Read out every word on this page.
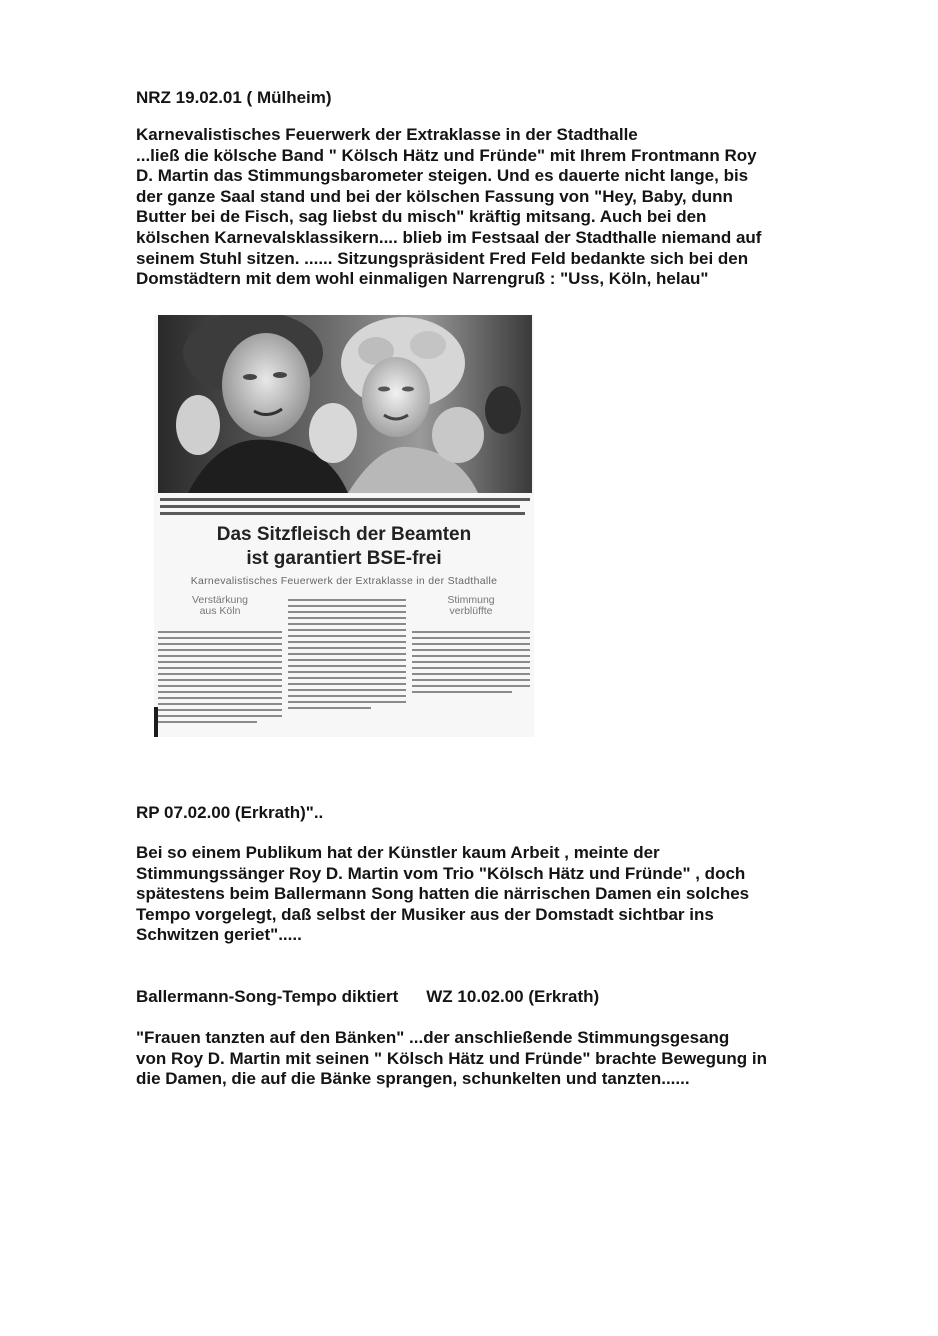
NRZ 19.02.01 ( Mülheim)
Karnevalistisches Feuerwerk der Extraklasse in der Stadthalle
...ließ die kölsche Band " Kölsch Hätz und Fründe" mit Ihrem Frontmann Roy
D. Martin das Stimmungsbarometer steigen. Und es dauerte nicht lange, bis
der ganze Saal stand und bei der kölschen Fassung von "Hey, Baby, dunn
Butter bei de Fisch, sag liebst du misch" kräftig mitsang. Auch bei den
kölschen Karnevalsklassikern.... blieb im Festsaal der Stadthalle niemand auf
seinem Stuhl sitzen. ...... Sitzungspräsident Fred Feld bedankte sich bei den
Domstädtern mit dem wohl einmaligen Narrengruß : "Uss, Köln, helau"
Das Sitzfleisch der Beamten
ist garantiert BSE-frei
Karnevalistisches Feuerwerk der Extraklasse in der Stadthalle
Verstärkung
aus Köln
Stimmung
verblüffte
RP 07.02.00 (Erkrath)"..
Bei so einem Publikum hat der Künstler kaum Arbeit , meinte der
Stimmungssänger Roy D. Martin vom Trio "Kölsch Hätz und Fründe" , doch
spätestens beim Ballermann Song hatten die närrischen Damen ein solches
Tempo vorgelegt, daß selbst der Musiker aus der Domstadt sichtbar ins
Schwitzen geriet".....
Ballermann-Song-Tempo diktiert WZ 10.02.00 (Erkrath)
"Frauen tanzten auf den Bänken" ...der anschließende Stimmungsgesang
von Roy D. Martin mit seinen " Kölsch Hätz und Fründe" brachte Bewegung in
die Damen, die auf die Bänke sprangen, schunkelten und tanzten......
